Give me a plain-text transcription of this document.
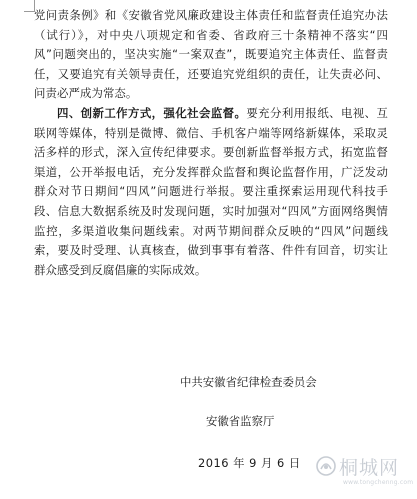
党问责条例》和《安徽省党风廉政建设主体责任和监督责任追究办法（试行）》，对中央八项规定和省委、省政府三十条精神不落实“四风”问题突出的，坚决实施“一案双查”，既要追究主体责任、监督责任，又要追究有关领导责任，还要追究党组织的责任，让失责必问、问责必严成为常态。

四、创新工作方式，强化社会监督。要充分利用报纸、电视、互联网等媒体，特别是微博、微信、手机客户端等网络新媒体，采取灵活多样的形式，深入宣传纪律要求。要创新监督举报方式，拓宽监督渠道，公开举报电话，充分发挥群众监督和舆论监督作用，广泛发动群众对节日期间“四风”问题进行举报。要注重探索运用现代科技手段、信息大数据系统及时发现问题，实时加强对“四风”方面网络舆情监控，多渠道收集问题线索。对两节期间群众反映的“四风”问题线索，要及时受理、认真核查，做到事事有着落、件件有回音，切实让群众感受到反腐倡廉的实际成效。

中共安徽省纪律检查委员会

安徽省监察厅

2016 年 9 月 6 日 桐城网
www.tongchenng.com
